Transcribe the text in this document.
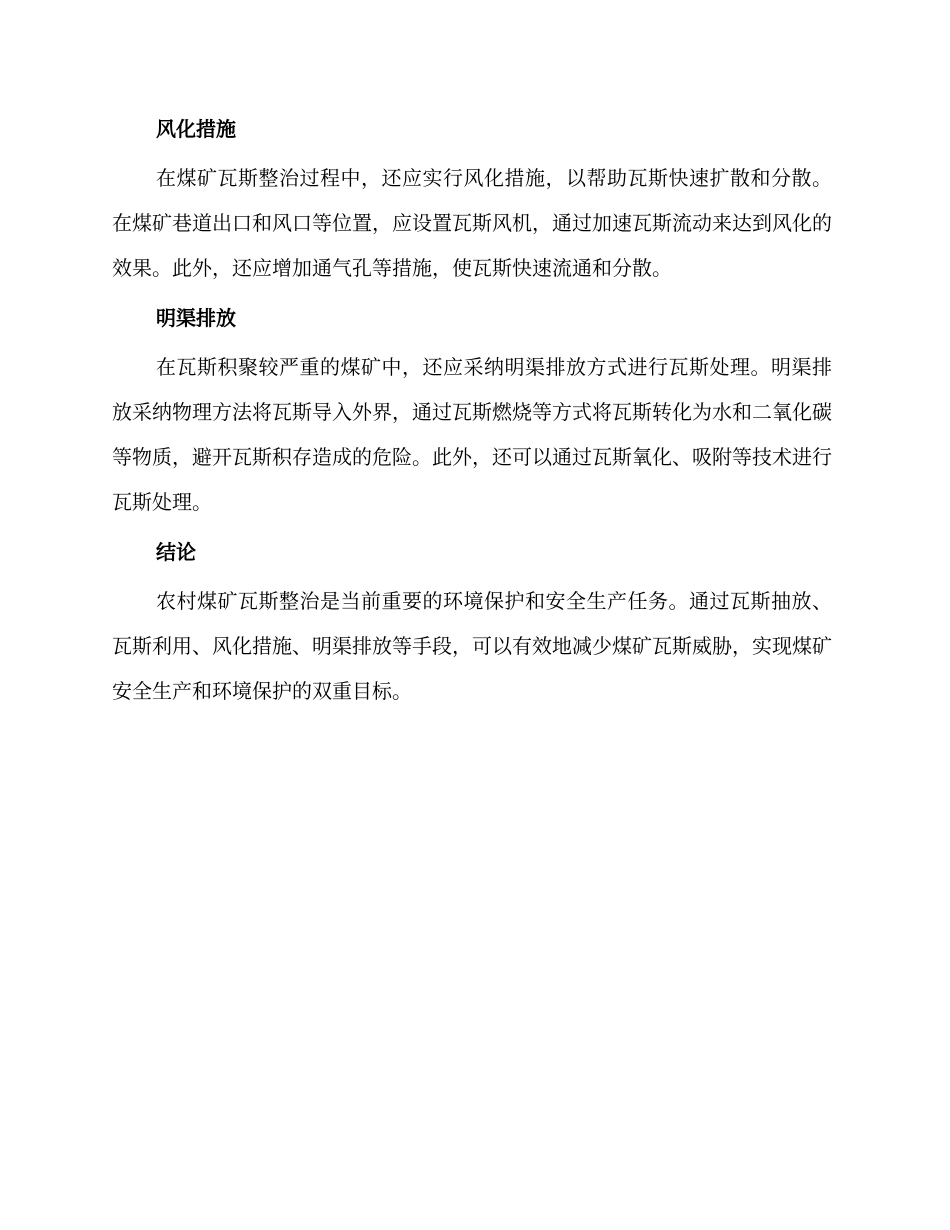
风化措施

在煤矿瓦斯整治过程中，还应实行风化措施，以帮助瓦斯快速扩散和分散。在煤矿巷道出口和风口等位置，应设置瓦斯风机，通过加速瓦斯流动来达到风化的效果。此外，还应增加通气孔等措施，使瓦斯快速流通和分散。

明渠排放

在瓦斯积聚较严重的煤矿中，还应采纳明渠排放方式进行瓦斯处理。明渠排放采纳物理方法将瓦斯导入外界，通过瓦斯燃烧等方式将瓦斯转化为水和二氧化碳等物质，避开瓦斯积存造成的危险。此外，还可以通过瓦斯氧化、吸附等技术进行瓦斯处理。

结论

农村煤矿瓦斯整治是当前重要的环境保护和安全生产任务。通过瓦斯抽放、瓦斯利用、风化措施、明渠排放等手段，可以有效地减少煤矿瓦斯威胁，实现煤矿安全生产和环境保护的双重目标。
